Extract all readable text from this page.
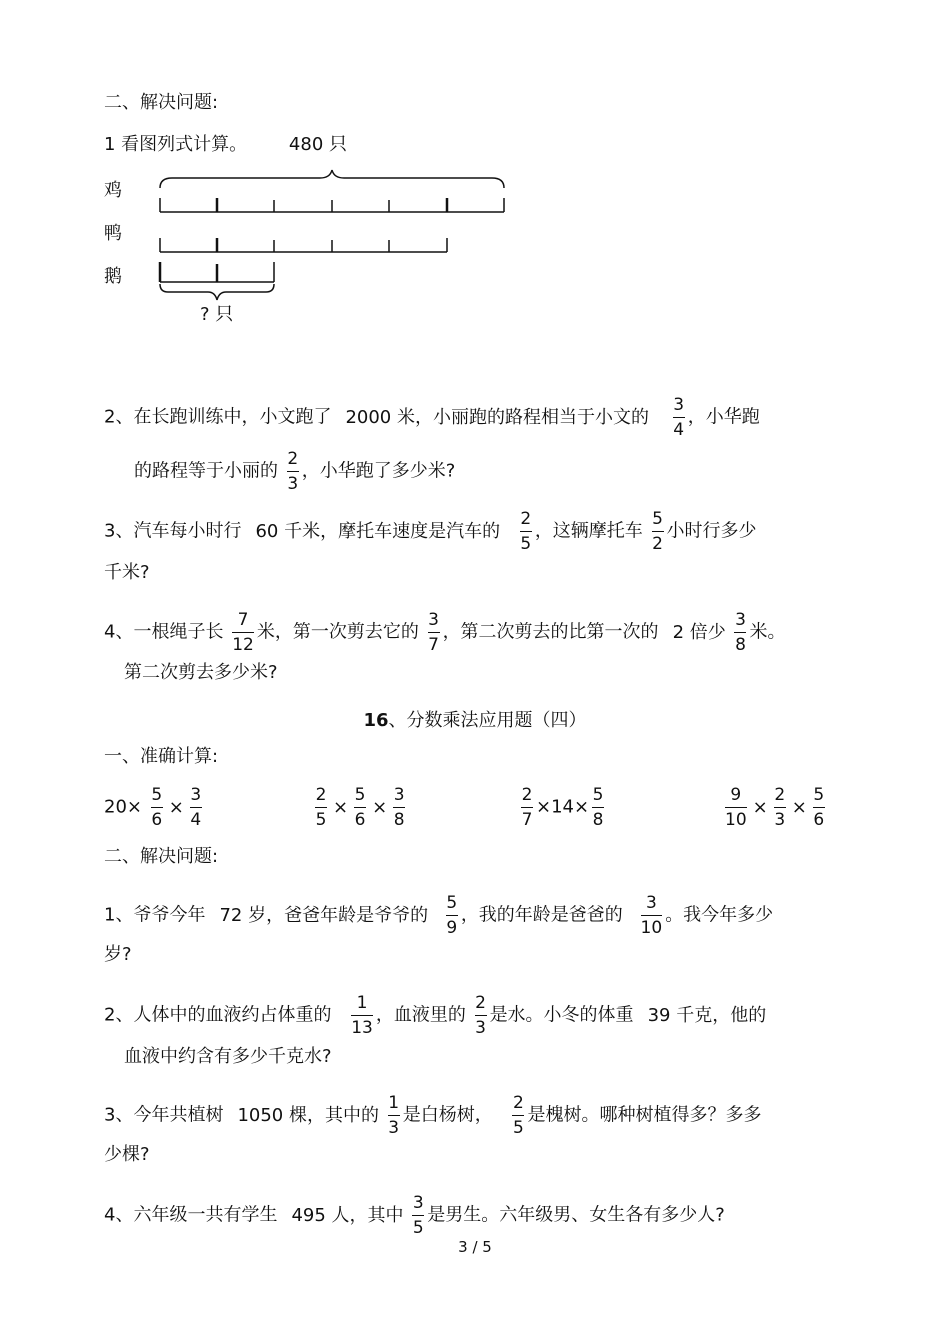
二、解决问题:
1 看图列式计算。 480 只
鸡
鸭
鹅
? 只
2、在长跑训练中，小文跑了 2000 米，小丽跑的路程相当于小文的 $\frac{3}{4}$ ，小华跑
的路程等于小丽的 $\frac{2}{3}$ ，小华跑了多少米?
3、汽车每小时行 60 千米，摩托车速度是汽车的 $\frac{2}{5}$ ，这辆摩托车 $\frac{5}{2}$ 小时行多少
千米?
4、一根绳子长 $\frac{7}{12}$ 米，第一次剪去它的 $\frac{3}{7}$ ，第二次剪去的比第一次的 2 倍少 $\frac{3}{8}$ 米。
第二次剪去多少米?
16、分数乘法应用题（四）
一、准确计算:
$20\times \frac{5}{6} \times \frac{3}{4}$	$\frac{2}{5} \times \frac{5}{6} \times \frac{3}{8}$	$\frac{2}{7} \times 14\times \frac{5}{8}$	$\frac{9}{10} \times \frac{2}{3} \times \frac{5}{6}$
二、解决问题:
1、爷爷今年 72 岁，爸爸年龄是爷爷的 $\frac{5}{9}$ ，我的年龄是爸爸的 $\frac{3}{10}$ 。我今年多少
岁?
2、人体中的血液约占体重的 $\frac{1}{13}$ ，血液里的 $\frac{2}{3}$ 是水。小冬的体重 39 千克，他的
血液中约含有多少千克水?
3、今年共植树 1050 棵，其中的 $\frac{1}{3}$ 是白杨树， $\frac{2}{5}$ 是槐树。哪种树植得多？多多
少棵?
4、六年级一共有学生 495 人，其中 $\frac{3}{5}$ 是男生。六年级男、女生各有多少人?
3 / 5
